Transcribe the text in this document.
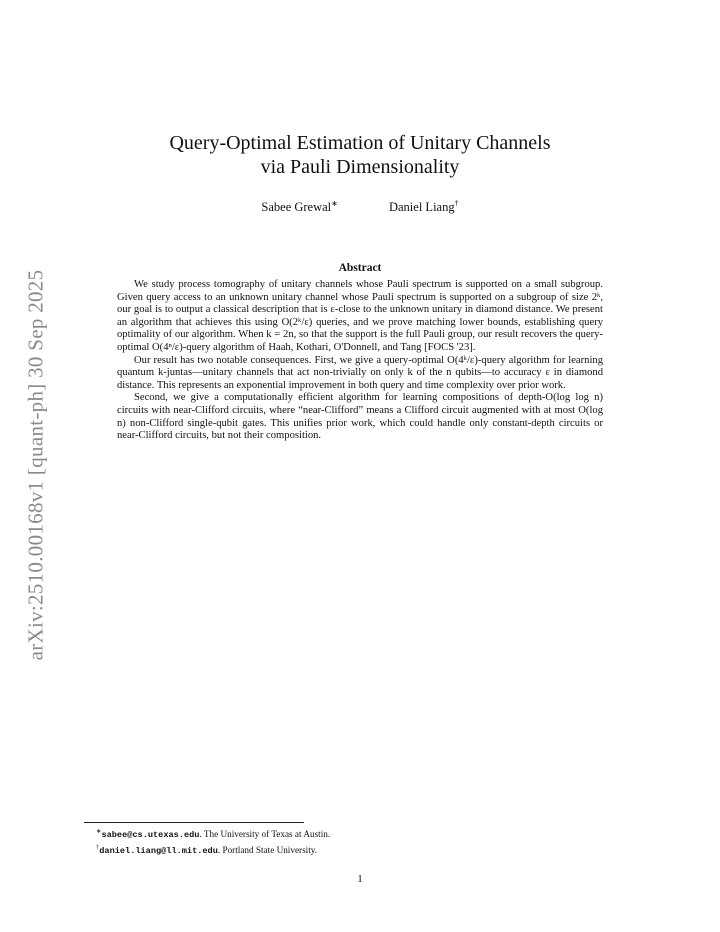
arXiv:2510.00168v1 [quant-ph] 30 Sep 2025
Query-Optimal Estimation of Unitary Channels
via Pauli Dimensionality
Sabee Grewal∗	Daniel Liang†
Abstract

We study process tomography of unitary channels whose Pauli spectrum is supported on a small subgroup. Given query access to an unknown unitary channel whose Pauli spectrum is supported on a subgroup of size 2ᵏ, our goal is to output a classical description that is ε-close to the unknown unitary in diamond distance. We present an algorithm that achieves this using O(2ᵏ/ε) queries, and we prove matching lower bounds, establishing query optimality of our algorithm. When k = 2n, so that the support is the full Pauli group, our result recovers the query-optimal O(4ⁿ/ε)-query algorithm of Haah, Kothari, O'Donnell, and Tang [FOCS '23].

Our result has two notable consequences. First, we give a query-optimal O(4ᵏ/ε)-query algorithm for learning quantum k-juntas—unitary channels that act non-trivially on only k of the n qubits—to accuracy ε in diamond distance. This represents an exponential improvement in both query and time complexity over prior work.

Second, we give a computationally efficient algorithm for learning compositions of depth-O(log log n) circuits with near-Clifford circuits, where “near-Clifford” means a Clifford circuit augmented with at most O(log n) non-Clifford single-qubit gates. This unifies prior work, which could handle only constant-depth circuits or near-Clifford circuits, but not their composition.

∗sabee@cs.utexas.edu. The University of Texas at Austin.
†daniel.liang@ll.mit.edu. Portland State University.
1
